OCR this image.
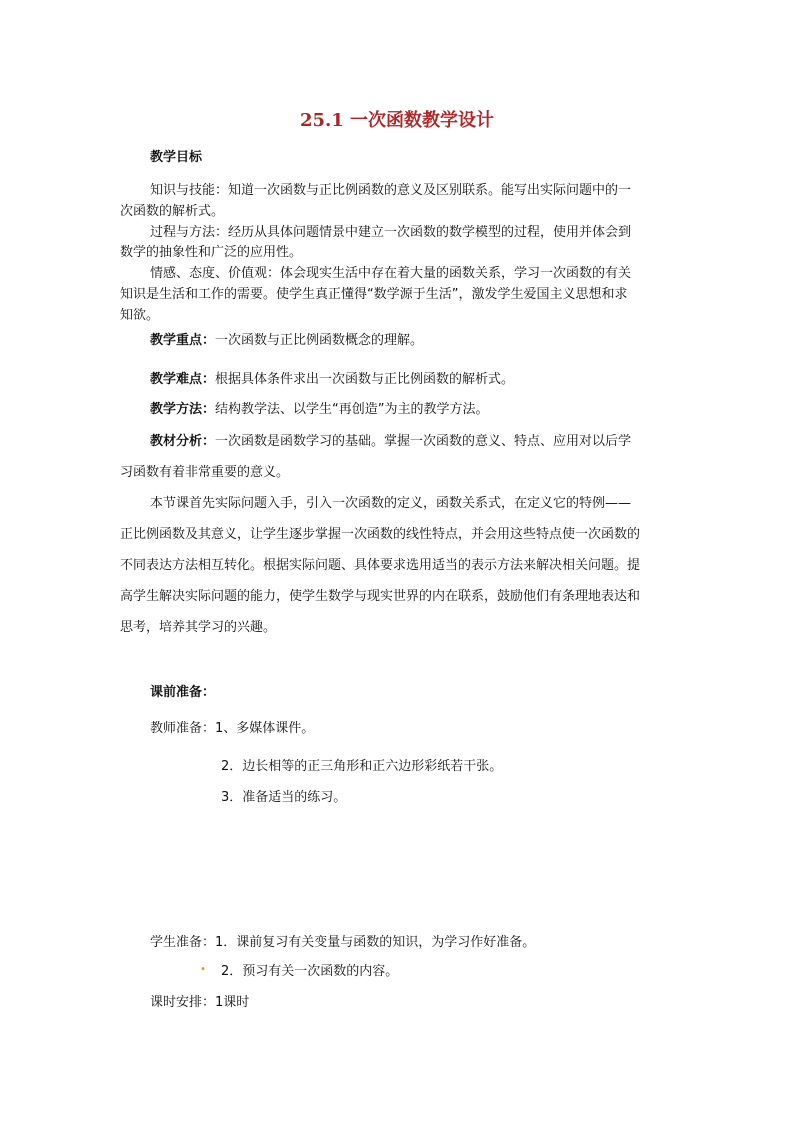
25.1 一次函数教学设计
教学目标
知识与技能：知道一次函数与正比例函数的意义及区别联系。能写出实际问题中的一
次函数的解析式。
过程与方法：经历从具体问题情景中建立一次函数的数学模型的过程，使用并体会到
数学的抽象性和广泛的应用性。
情感、态度、价值观：体会现实生活中存在着大量的函数关系，学习一次函数的有关
知识是生活和工作的需要。使学生真正懂得“数学源于生活”，激发学生爱国主义思想和求
知欲。
教学重点：一次函数与正比例函数概念的理解。
教学难点：根据具体条件求出一次函数与正比例函数的解析式。
教学方法：结构教学法、以学生“再创造”为主的教学方法。
教材分析：一次函数是函数学习的基础。掌握一次函数的意义、特点、应用对以后学
习函数有着非常重要的意义。
本节课首先实际问题入手，引入一次函数的定义，函数关系式，在定义它的特例——
正比例函数及其意义，让学生逐步掌握一次函数的线性特点，并会用这些特点使一次函数的
不同表达方法相互转化。根据实际问题、具体要求选用适当的表示方法来解决相关问题。提
高学生解决实际问题的能力，使学生数学与现实世界的内在联系，鼓励他们有条理地表达和
思考，培养其学习的兴趣。
课前准备：
教师准备：1、多媒体课件。
2．边长相等的正三角形和正六边形彩纸若干张。
3．准备适当的练习。
学生准备：1．课前复习有关变量与函数的知识，为学习作好准备。
• 2．预习有关一次函数的内容。
课时安排：1课时
